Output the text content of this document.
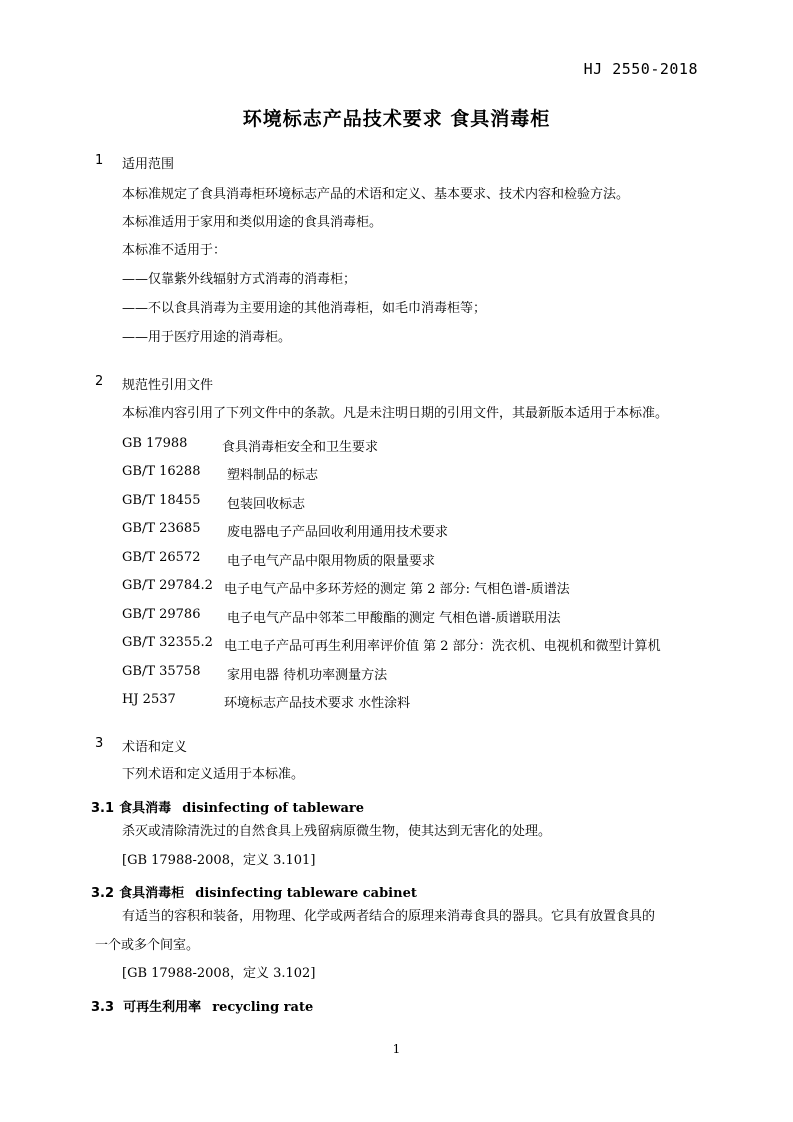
HJ 2550-2018
环境标志产品技术要求 食具消毒柜
1 适用范围
本标准规定了食具消毒柜环境标志产品的术语和定义、基本要求、技术内容和检验方法。
本标准适用于家用和类似用途的食具消毒柜。
本标准不适用于：
——仅靠紫外线辐射方式消毒的消毒柜；
——不以食具消毒为主要用途的其他消毒柜，如毛巾消毒柜等；
——用于医疗用途的消毒柜。
2 规范性引用文件
本标准内容引用了下列文件中的条款。凡是未注明日期的引用文件，其最新版本适用于本标准。
GB 17988	食具消毒柜安全和卫生要求
GB/T 16288 塑料制品的标志
GB/T 18455 包装回收标志
GB/T 23685 废电器电子产品回收利用通用技术要求
GB/T 26572 电子电气产品中限用物质的限量要求
GB/T 29784.2 电子电气产品中多环芳烃的测定 第 2 部分: 气相色谱-质谱法
GB/T 29786 电子电气产品中邻苯二甲酸酯的测定 气相色谱-质谱联用法
GB/T 32355.2 电工电子产品可再生利用率评价值 第 2 部分：洗衣机、电视机和微型计算机
GB/T 35758 家用电器 待机功率测量方法
HJ 2537	环境标志产品技术要求 水性涂料
3 术语和定义
下列术语和定义适用于本标准。
3.1 食具消毒 disinfecting of tableware
杀灭或清除清洗过的自然食具上残留病原微生物，使其达到无害化的处理。
[GB 17988-2008，定义 3.101]
3.2 食具消毒柜 disinfecting tableware cabinet
有适当的容积和装备，用物理、化学或两者结合的原理来消毒食具的器具。它具有放置食具的
一个或多个间室。
[GB 17988-2008，定义 3.102]
3.3 可再生利用率 recycling rate
1
